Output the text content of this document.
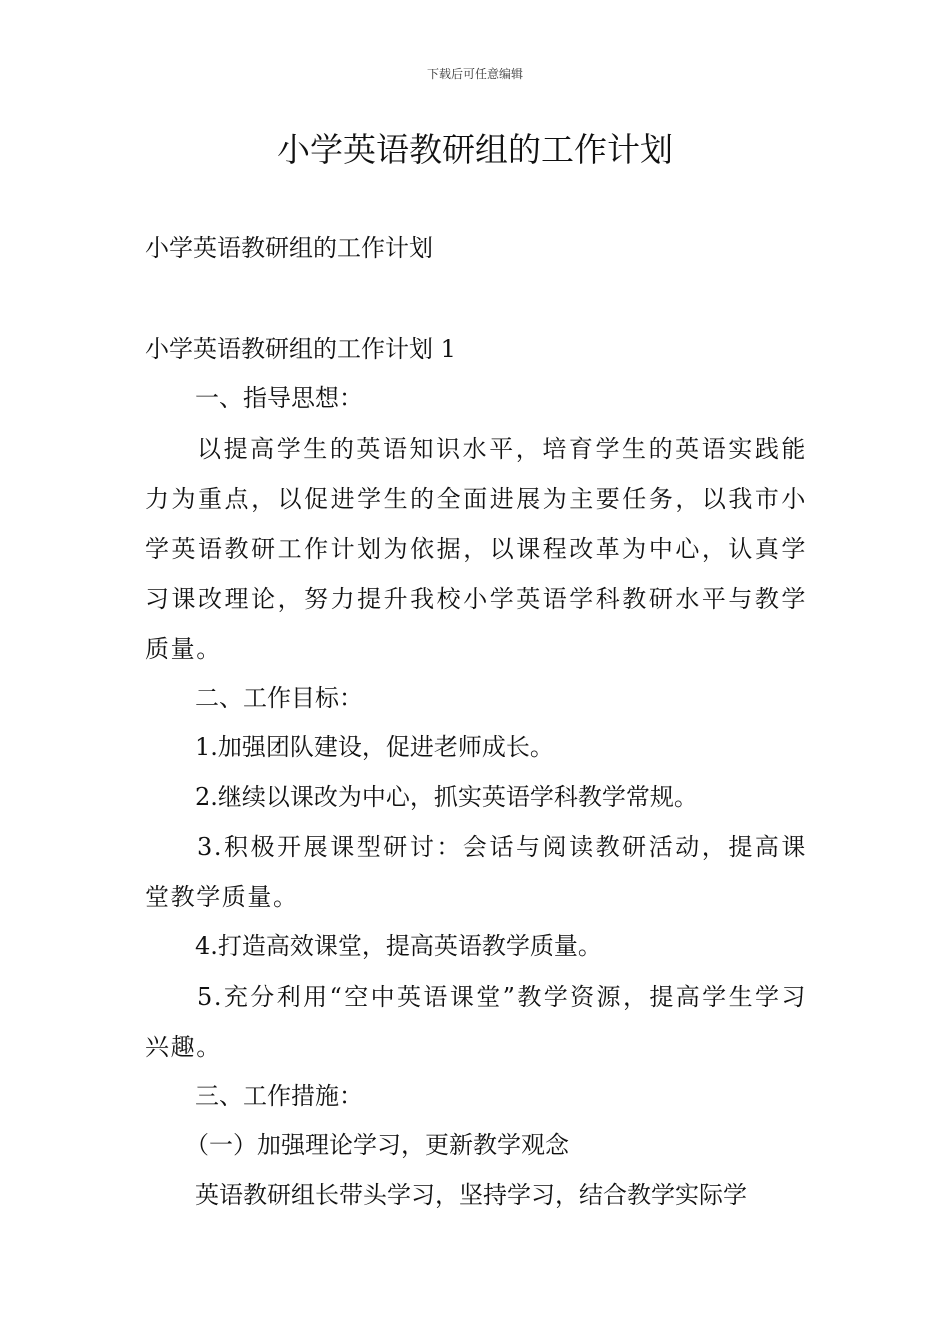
下载后可任意编辑
小学英语教研组的工作计划
小学英语教研组的工作计划
小学英语教研组的工作计划 1
一、指导思想：

以提高学生的英语知识水平，培育学生的英语实践能力为重点，以促进学生的全面进展为主要任务，以我市小学英语教研工作计划为依据，以课程改革为中心，认真学习课改理论，努力提升我校小学英语学科教研水平与教学质量。

二、工作目标：
1.加强团队建设，促进老师成长。
2.继续以课改为中心，抓实英语学科教学常规。

3.积极开展课型研讨：会话与阅读教研活动，提高课堂教学质量。

4.打造高效课堂，提高英语教学质量。

5.充分利用“空中英语课堂”教学资源，提高学生学习兴趣。

三、工作措施：
（一）加强理论学习，更新教学观念
英语教研组长带头学习，坚持学习，结合教学实际学
